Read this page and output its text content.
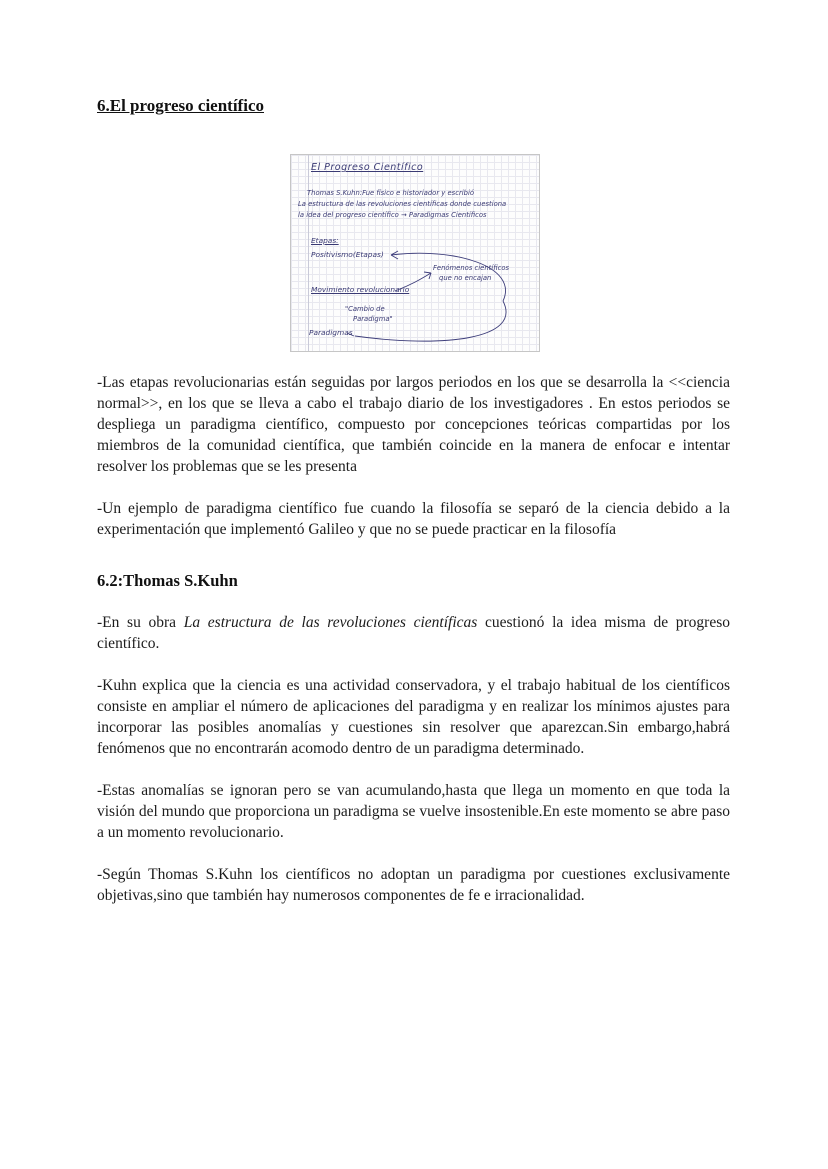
6.El progreso científico
El Progreso Científico
Thomas S.Kuhn:Fue físico e historiador y escribió
La estructura de las revoluciones científicas donde cuestiona
la idea del progreso científico → Paradigmas Científicos
Etapas:
Positivismo(Etapas)
Fenómenos científicos
que no encajan
Movimiento revolucionario
"Cambio de
Paradigma"
Paradigmas

-Las etapas revolucionarias están seguidas por largos periodos en los que se desarrolla la <<ciencia normal>>, en los que se lleva a cabo el trabajo diario de los investigadores . En estos periodos se despliega un paradigma científico, compuesto por concepciones teóricas compartidas por los miembros de la comunidad científica, que también coincide en la manera de enfocar e intentar resolver los problemas que se les presenta

-Un ejemplo de paradigma científico fue cuando la filosofía se separó de la ciencia debido a la experimentación que implementó Galileo y que no se puede practicar en la filosofía

6.2:Thomas S.Kuhn

-En su obra La estructura de las revoluciones científicas cuestionó la idea misma de progreso científico.

-Kuhn explica que la ciencia es una actividad conservadora, y el trabajo habitual de los científicos consiste en ampliar el número de aplicaciones del paradigma y en realizar los mínimos ajustes para incorporar las posibles anomalías y cuestiones sin resolver que aparezcan.Sin embargo,habrá fenómenos que no encontrarán acomodo dentro de un paradigma determinado.

-Estas anomalías se ignoran pero se van acumulando,hasta que llega un momento en que toda la visión del mundo que proporciona un paradigma se vuelve insostenible.En este momento se abre paso a un momento revolucionario.

-Según Thomas S.Kuhn los científicos no adoptan un paradigma por cuestiones exclusivamente objetivas,sino que también hay numerosos componentes de fe e irracionalidad.
